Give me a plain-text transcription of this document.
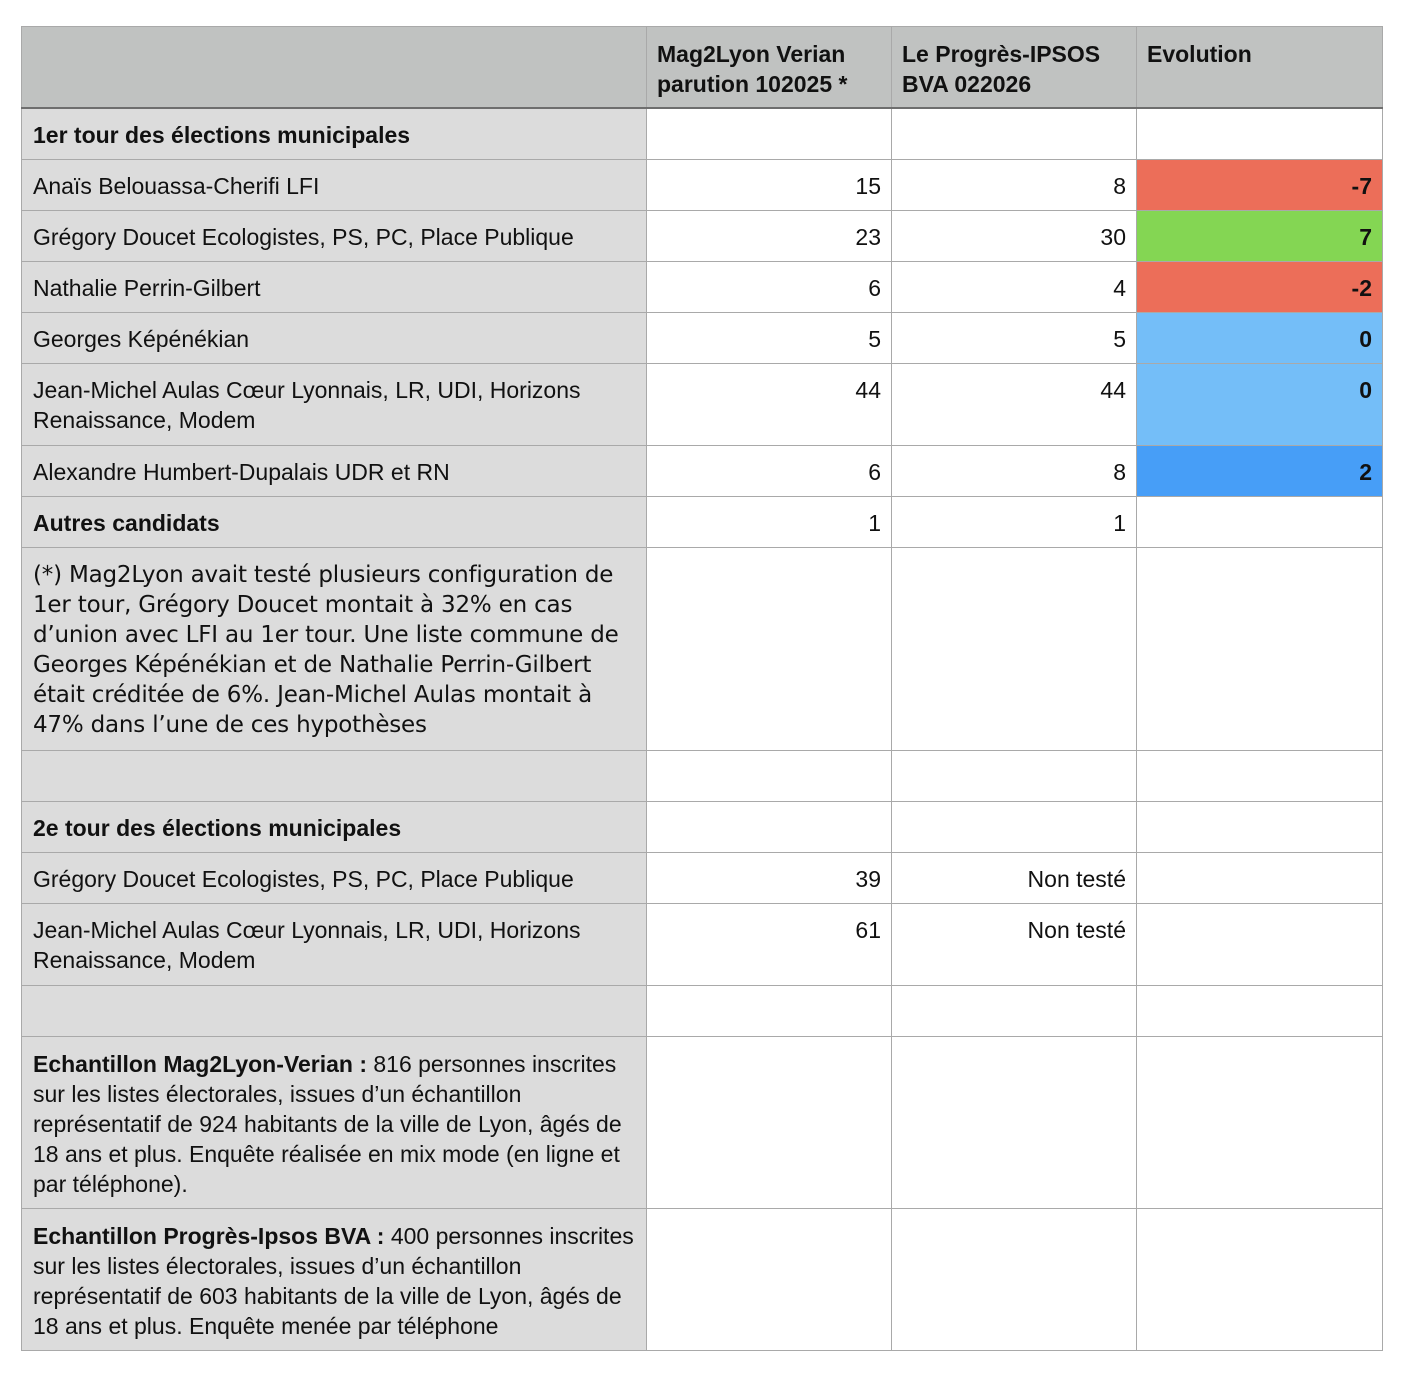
	Mag2Lyon Verian parution 102025 *	Le Progrès-IPSOS BVA 022026	Evolution
1er tour des élections municipales			
Anaïs Belouassa-Cherifi LFI	15	8	-7
Grégory Doucet Ecologistes, PS, PC, Place Publique	23	30	7
Nathalie Perrin-Gilbert	6	4	-2
Georges Képénékian	5	5	0
Jean-Michel Aulas Cœur Lyonnais, LR, UDI, Horizons Renaissance, Modem	44	44	0
Alexandre Humbert-Dupalais UDR et RN	6	8	2
Autres candidats	1	1	
(*) Mag2Lyon avait testé plusieurs configuration de 1er tour, Grégory Doucet montait à 32% en cas d’union avec LFI au 1er tour. Une liste commune de Georges Képénékian et de Nathalie Perrin-Gilbert était créditée de 6%. Jean-Michel Aulas montait à 47% dans l’une de ces hypothèses			

2e tour des élections municipales			
Grégory Doucet Ecologistes, PS, PC, Place Publique	39	Non testé	
Jean-Michel Aulas Cœur Lyonnais, LR, UDI, Horizons Renaissance, Modem	61	Non testé	

Echantillon Mag2Lyon-Verian : 816 personnes inscrites sur les listes électorales, issues d’un échantillon représentatif de 924 habitants de la ville de Lyon, âgés de 18 ans et plus. Enquête réalisée en mix mode (en ligne et par téléphone).			
Echantillon Progrès-Ipsos BVA : 400 personnes inscrites sur les listes électorales, issues d’un échantillon représentatif de 603 habitants de la ville de Lyon, âgés de 18 ans et plus. Enquête menée par téléphone			
